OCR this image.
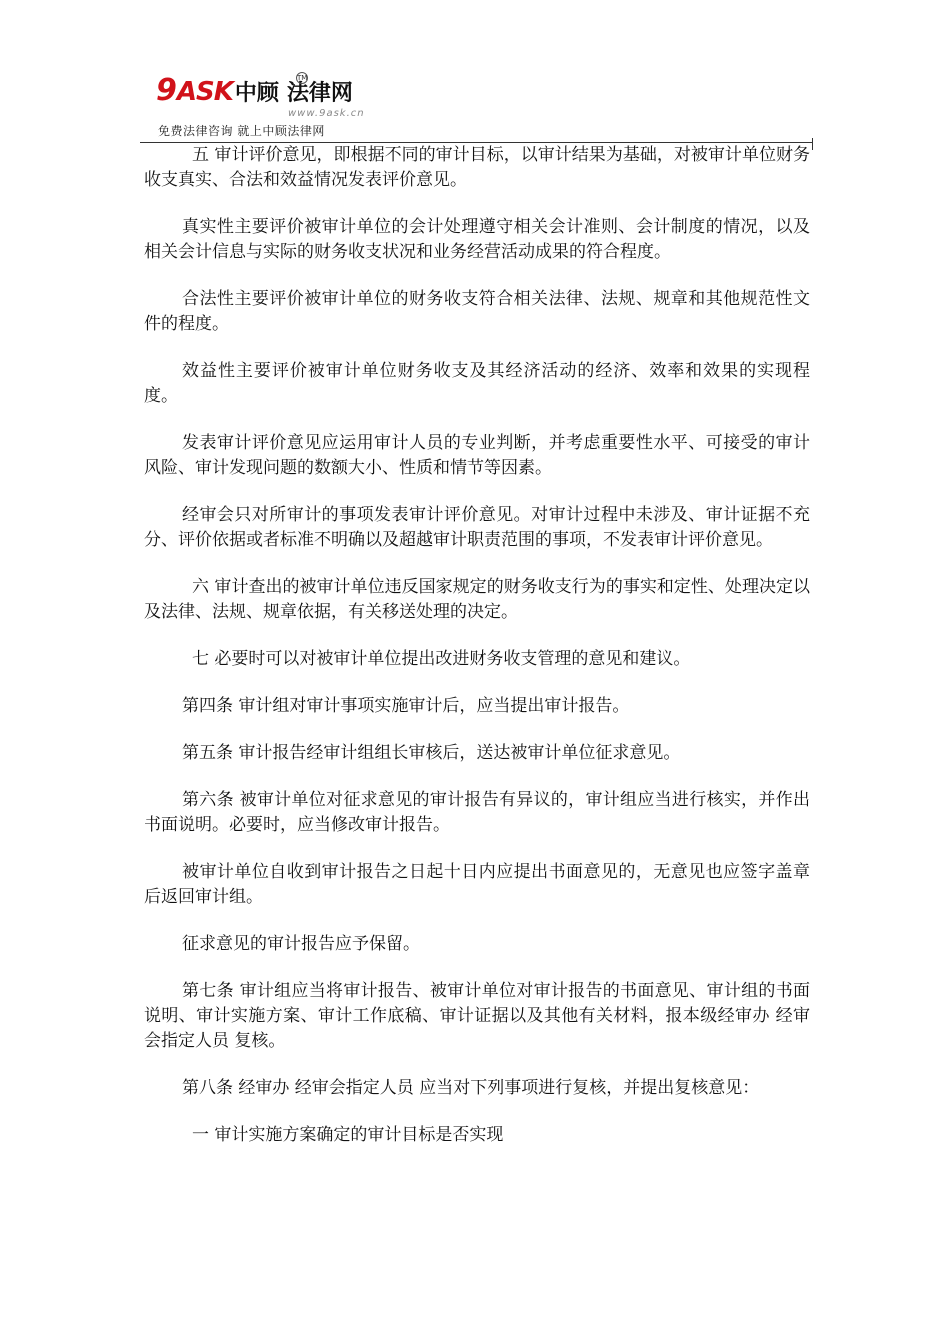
9ASK中顾 法律网
TM
www.9ask.cn
免费法律咨询 就上中顾法律网

五 审计评价意见，即根据不同的审计目标，以审计结果为基础，对被审计单位财务收支真实、合法和效益情况发表评价意见。

真实性主要评价被审计单位的会计处理遵守相关会计准则、会计制度的情况，以及相关会计信息与实际的财务收支状况和业务经营活动成果的符合程度。

合法性主要评价被审计单位的财务收支符合相关法律、法规、规章和其他规范性文件的程度。

效益性主要评价被审计单位财务收支及其经济活动的经济、效率和效果的实现程度。

发表审计评价意见应运用审计人员的专业判断，并考虑重要性水平、可接受的审计风险、审计发现问题的数额大小、性质和情节等因素。

经审会只对所审计的事项发表审计评价意见。对审计过程中未涉及、审计证据不充分、评价依据或者标准不明确以及超越审计职责范围的事项，不发表审计评价意见。

六 审计查出的被审计单位违反国家规定的财务收支行为的事实和定性、处理决定以及法律、法规、规章依据，有关移送处理的决定。

七 必要时可以对被审计单位提出改进财务收支管理的意见和建议。

第四条 审计组对审计事项实施审计后，应当提出审计报告。

第五条 审计报告经审计组组长审核后，送达被审计单位征求意见。

第六条 被审计单位对征求意见的审计报告有异议的，审计组应当进行核实，并作出书面说明。必要时，应当修改审计报告。

被审计单位自收到审计报告之日起十日内应提出书面意见的，无意见也应签字盖章后返回审计组。

征求意见的审计报告应予保留。

第七条 审计组应当将审计报告、被审计单位对审计报告的书面意见、审计组的书面说明、审计实施方案、审计工作底稿、审计证据以及其他有关材料，报本级经审办 经审会指定人员 复核。

第八条 经审办 经审会指定人员 应当对下列事项进行复核，并提出复核意见：

一 审计实施方案确定的审计目标是否实现
